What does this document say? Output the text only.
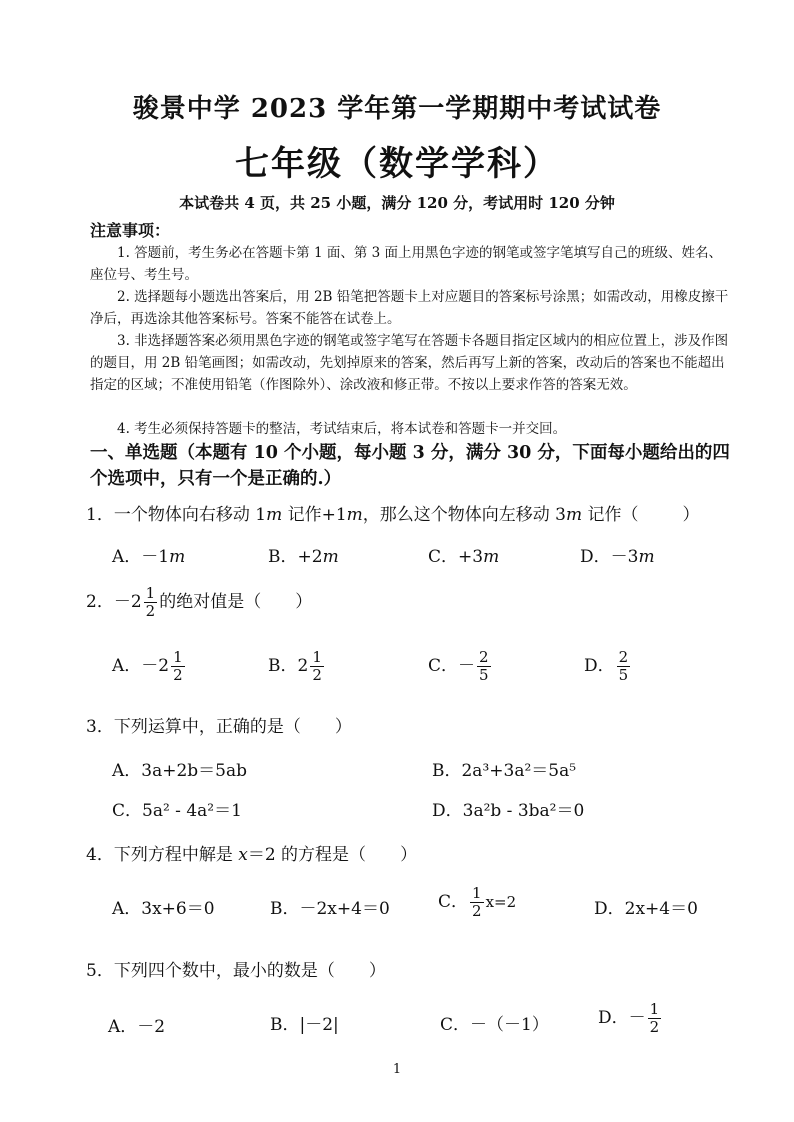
骏景中学 2023 学年第一学期期中考试试卷
七年级（数学学科）
本试卷共 4 页，共 25 小题，满分 120 分，考试用时 120 分钟
注意事项：
1. 答题前，考生务必在答题卡第 1 面、第 3 面上用黑色字迹的钢笔或签字笔填写自己的班级、姓名、座位号、考生号。
2. 选择题每小题选出答案后，用 2B 铅笔把答题卡上对应题目的答案标号涂黑；如需改动，用橡皮擦干净后，再选涂其他答案标号。答案不能答在试卷上。
3. 非选择题答案必须用黑色字迹的钢笔或签字笔写在答题卡各题目指定区域内的相应位置上，涉及作图的题目，用 2B 铅笔画图；如需改动，先划掉原来的答案，然后再写上新的答案，改动后的答案也不能超出指定的区域；不准使用铅笔（作图除外）、涂改液和修正带。不按以上要求作答的答案无效。
4. 考生必须保持答题卡的整洁，考试结束后，将本试卷和答题卡一并交回。
一、单选题（本题有 10 个小题，每小题 3 分，满分 30 分，下面每小题给出的四个选项中，只有一个是正确的.）
1．一个物体向右移动 1m 记作+1m，那么这个物体向左移动 3m 记作（	）
A．－1m	B．+2m	C．+3m	D．－3m
2．$-2 \frac{1}{2}$ 的绝对值是（ ）
A．$-2 \frac{1}{2}$	B．$2 \frac{1}{2}$	C．－ $\frac{2}{5}$	D． $\frac{2}{5}$
3．下列运算中，正确的是（ ）
A．3a+2b＝5ab	B．2a³+3a²＝5a⁵
C．5a² - 4a²＝1	D．3a²b - 3ba²＝0
4．下列方程中解是 x＝2 的方程是（ ）
A．3x+6＝0	B．－2x+4＝0	C． $\frac{1}{2} x=2$	D．2x+4＝0
5．下列四个数中，最小的数是（ ）
A．－2	B．|－2|	C．－（－1）	D．－ $\frac{1}{2}$
1
